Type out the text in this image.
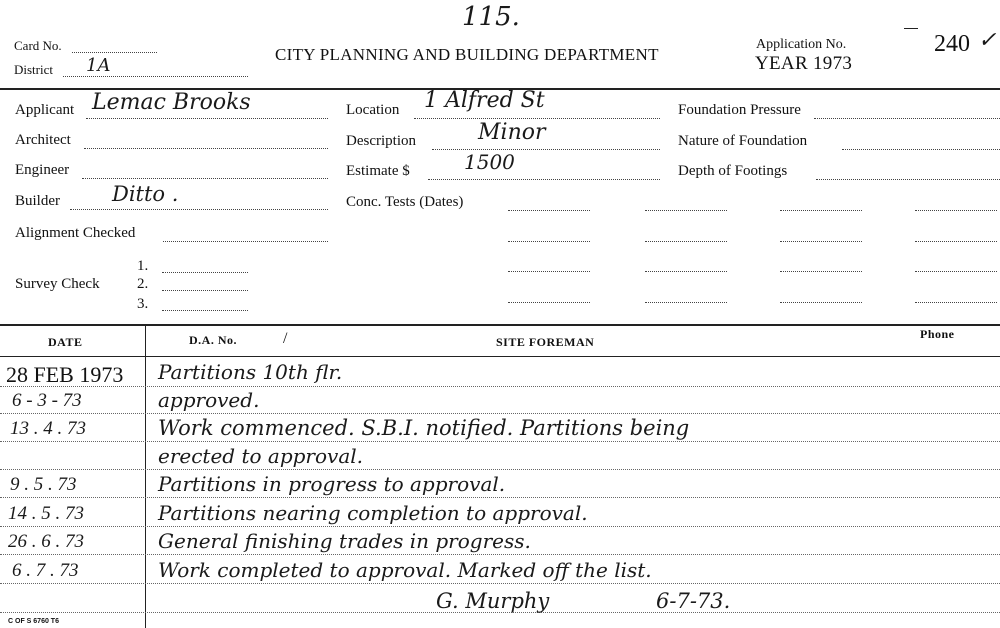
115.
Card No.
District 1A
CITY PLANNING AND BUILDING DEPARTMENT
Application No.
YEAR 1973
240 ✓
Applicant Lemac Brooks
Architect
Engineer
Builder Ditto .
Alignment Checked
Survey Check
1.
2.
3.
Location 1 Alfred St
Description	Minor
Estimate $	1500
Conc. Tests (Dates)
Foundation Pressure
Nature of Foundation
Depth of Footings
DATE	D.A. No.	/	SITE FOREMAN
Phone
28 FEB 1973 Partitions 10th flr.
6 - 3 - 73	approved.
13 . 4 . 73	Work commenced. S.B.I. notified. Partitions being
erected to approval.
9 . 5 . 73	Partitions in progress to approval.
14 . 5 . 73	Partitions nearing completion to approval.
26 . 6 . 73	General finishing trades in progress.
6 . 7 . 73	Work completed to approval. Marked off the list.
G. Murphy	6-7-73.
C OF S 6760 T6
